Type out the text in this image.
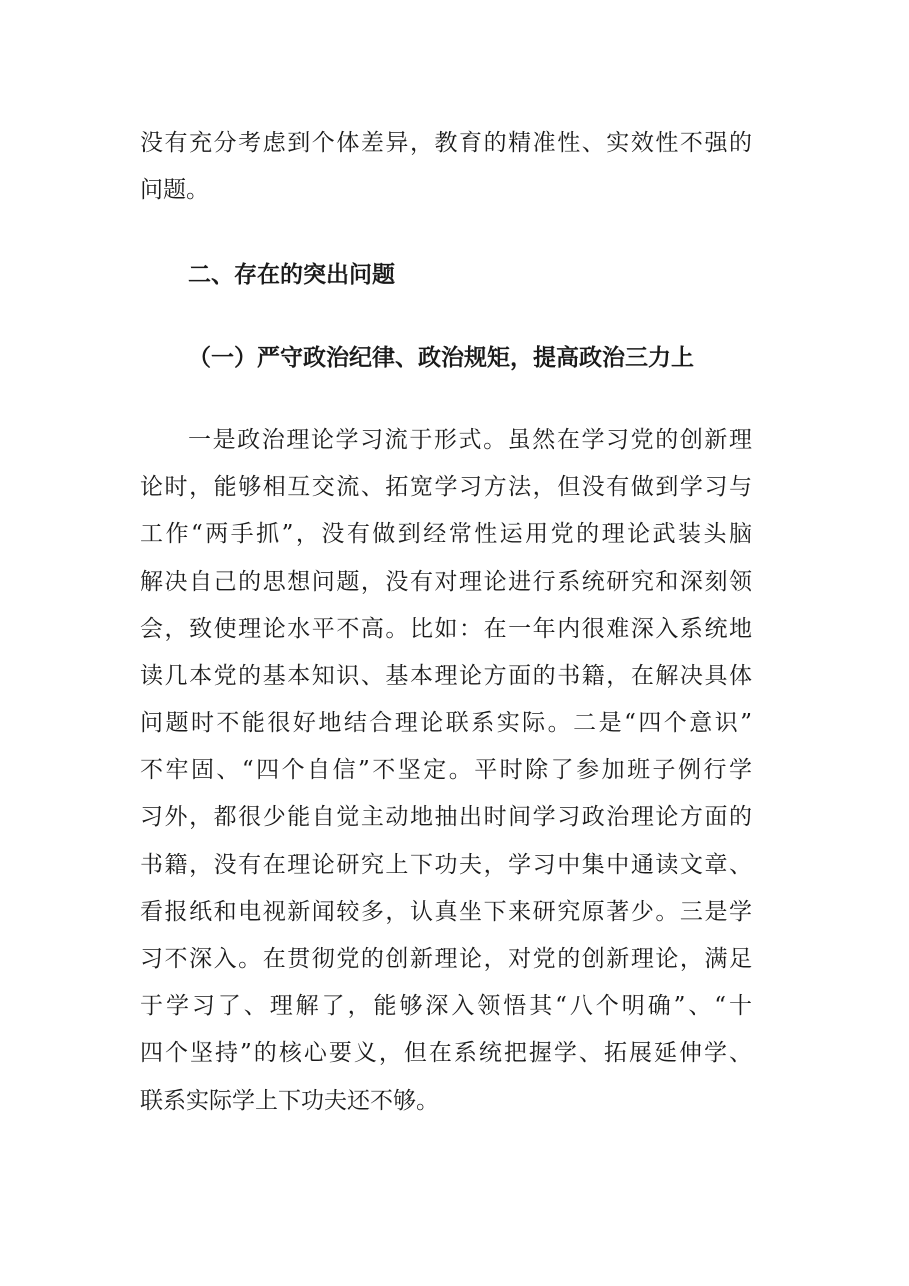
没有充分考虑到个体差异，教育的精准性、实效性不强的
问题。
二、存在的突出问题
（一）严守政治纪律、政治规矩，提高政治三力上
一是政治理论学习流于形式。虽然在学习党的创新理
论时，能够相互交流、拓宽学习方法，但没有做到学习与
工作“两手抓”，没有做到经常性运用党的理论武装头脑
解决自己的思想问题，没有对理论进行系统研究和深刻领
会，致使理论水平不高。比如：在一年内很难深入系统地
读几本党的基本知识、基本理论方面的书籍，在解决具体
问题时不能很好地结合理论联系实际。二是“四个意识”
不牢固、“四个自信”不坚定。平时除了参加班子例行学
习外，都很少能自觉主动地抽出时间学习政治理论方面的
书籍，没有在理论研究上下功夫，学习中集中通读文章、
看报纸和电视新闻较多，认真坐下来研究原著少。三是学
习不深入。在贯彻党的创新理论，对党的创新理论，满足
于学习了、理解了，能够深入领悟其“八个明确”、“十
四个坚持”的核心要义，但在系统把握学、拓展延伸学、
联系实际学上下功夫还不够。
